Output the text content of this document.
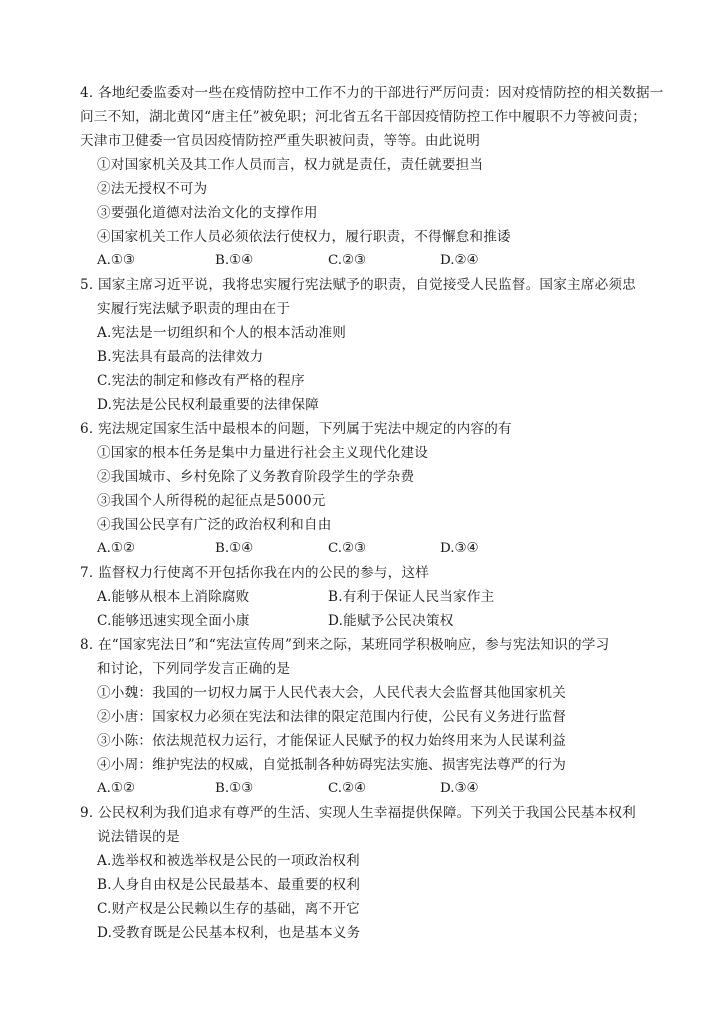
4．
各地纪委监委对一些在疫情防控中工作不力的干部进行严厉问责：因对疫情防控的相关数据一
问三不知，湖北黄冈“唐主任”被免职；河北省五名干部因疫情防控工作中履职不力等被问责；
天津市卫健委一官员因疫情防控严重失职被问责，等等。由此说明
①对国家机关及其工作人员而言，权力就是责任，责任就要担当
②法无授权不可为
③要强化道德对法治文化的支撑作用
④国家机关工作人员必须依法行使权力，履行职责，不得懈怠和推诿
A.①③	B.①④	C.②③	D.②④
5．
国家主席习近平说，我将忠实履行宪法赋予的职责，自觉接受人民监督。国家主席必须忠
实履行宪法赋予职责的理由在于
A.宪法是一切组织和个人的根本活动准则
B.宪法具有最高的法律效力
C.宪法的制定和修改有严格的程序
D.宪法是公民权利最重要的法律保障
6．
宪法规定国家生活中最根本的问题，下列属于宪法中规定的内容的有
①国家的根本任务是集中力量进行社会主义现代化建设
②我国城市、乡村免除了义务教育阶段学生的学杂费
③我国个人所得税的起征点是5000元
④我国公民享有广泛的政治权利和自由
A.①②	B.①④	C.②③	D.③④
7．
监督权力行使离不开包括你我在内的公民的参与，这样
A.能够从根本上消除腐败	B.有利于保证人民当家作主
C.能够迅速实现全面小康	D.能赋予公民决策权
8．
在“国家宪法日”和“宪法宣传周”到来之际，某班同学积极响应，参与宪法知识的学习
和讨论，下列同学发言正确的是
①小魏：我国的一切权力属于人民代表大会，人民代表大会监督其他国家机关
②小唐：国家权力必须在宪法和法律的限定范围内行使，公民有义务进行监督
③小陈：依法规范权力运行，才能保证人民赋予的权力始终用来为人民谋利益
④小周：维护宪法的权威，自觉抵制各种妨碍宪法实施、损害宪法尊严的行为
A.①②	B.①③	C.②④	D.③④
9．
公民权利为我们追求有尊严的生活、实现人生幸福提供保障。下列关于我国公民基本权利
说法错误的是
A.选举权和被选举权是公民的一项政治权利
B.人身自由权是公民最基本、最重要的权利
C.财产权是公民赖以生存的基础，离不开它
D.受教育既是公民基本权利，也是基本义务
